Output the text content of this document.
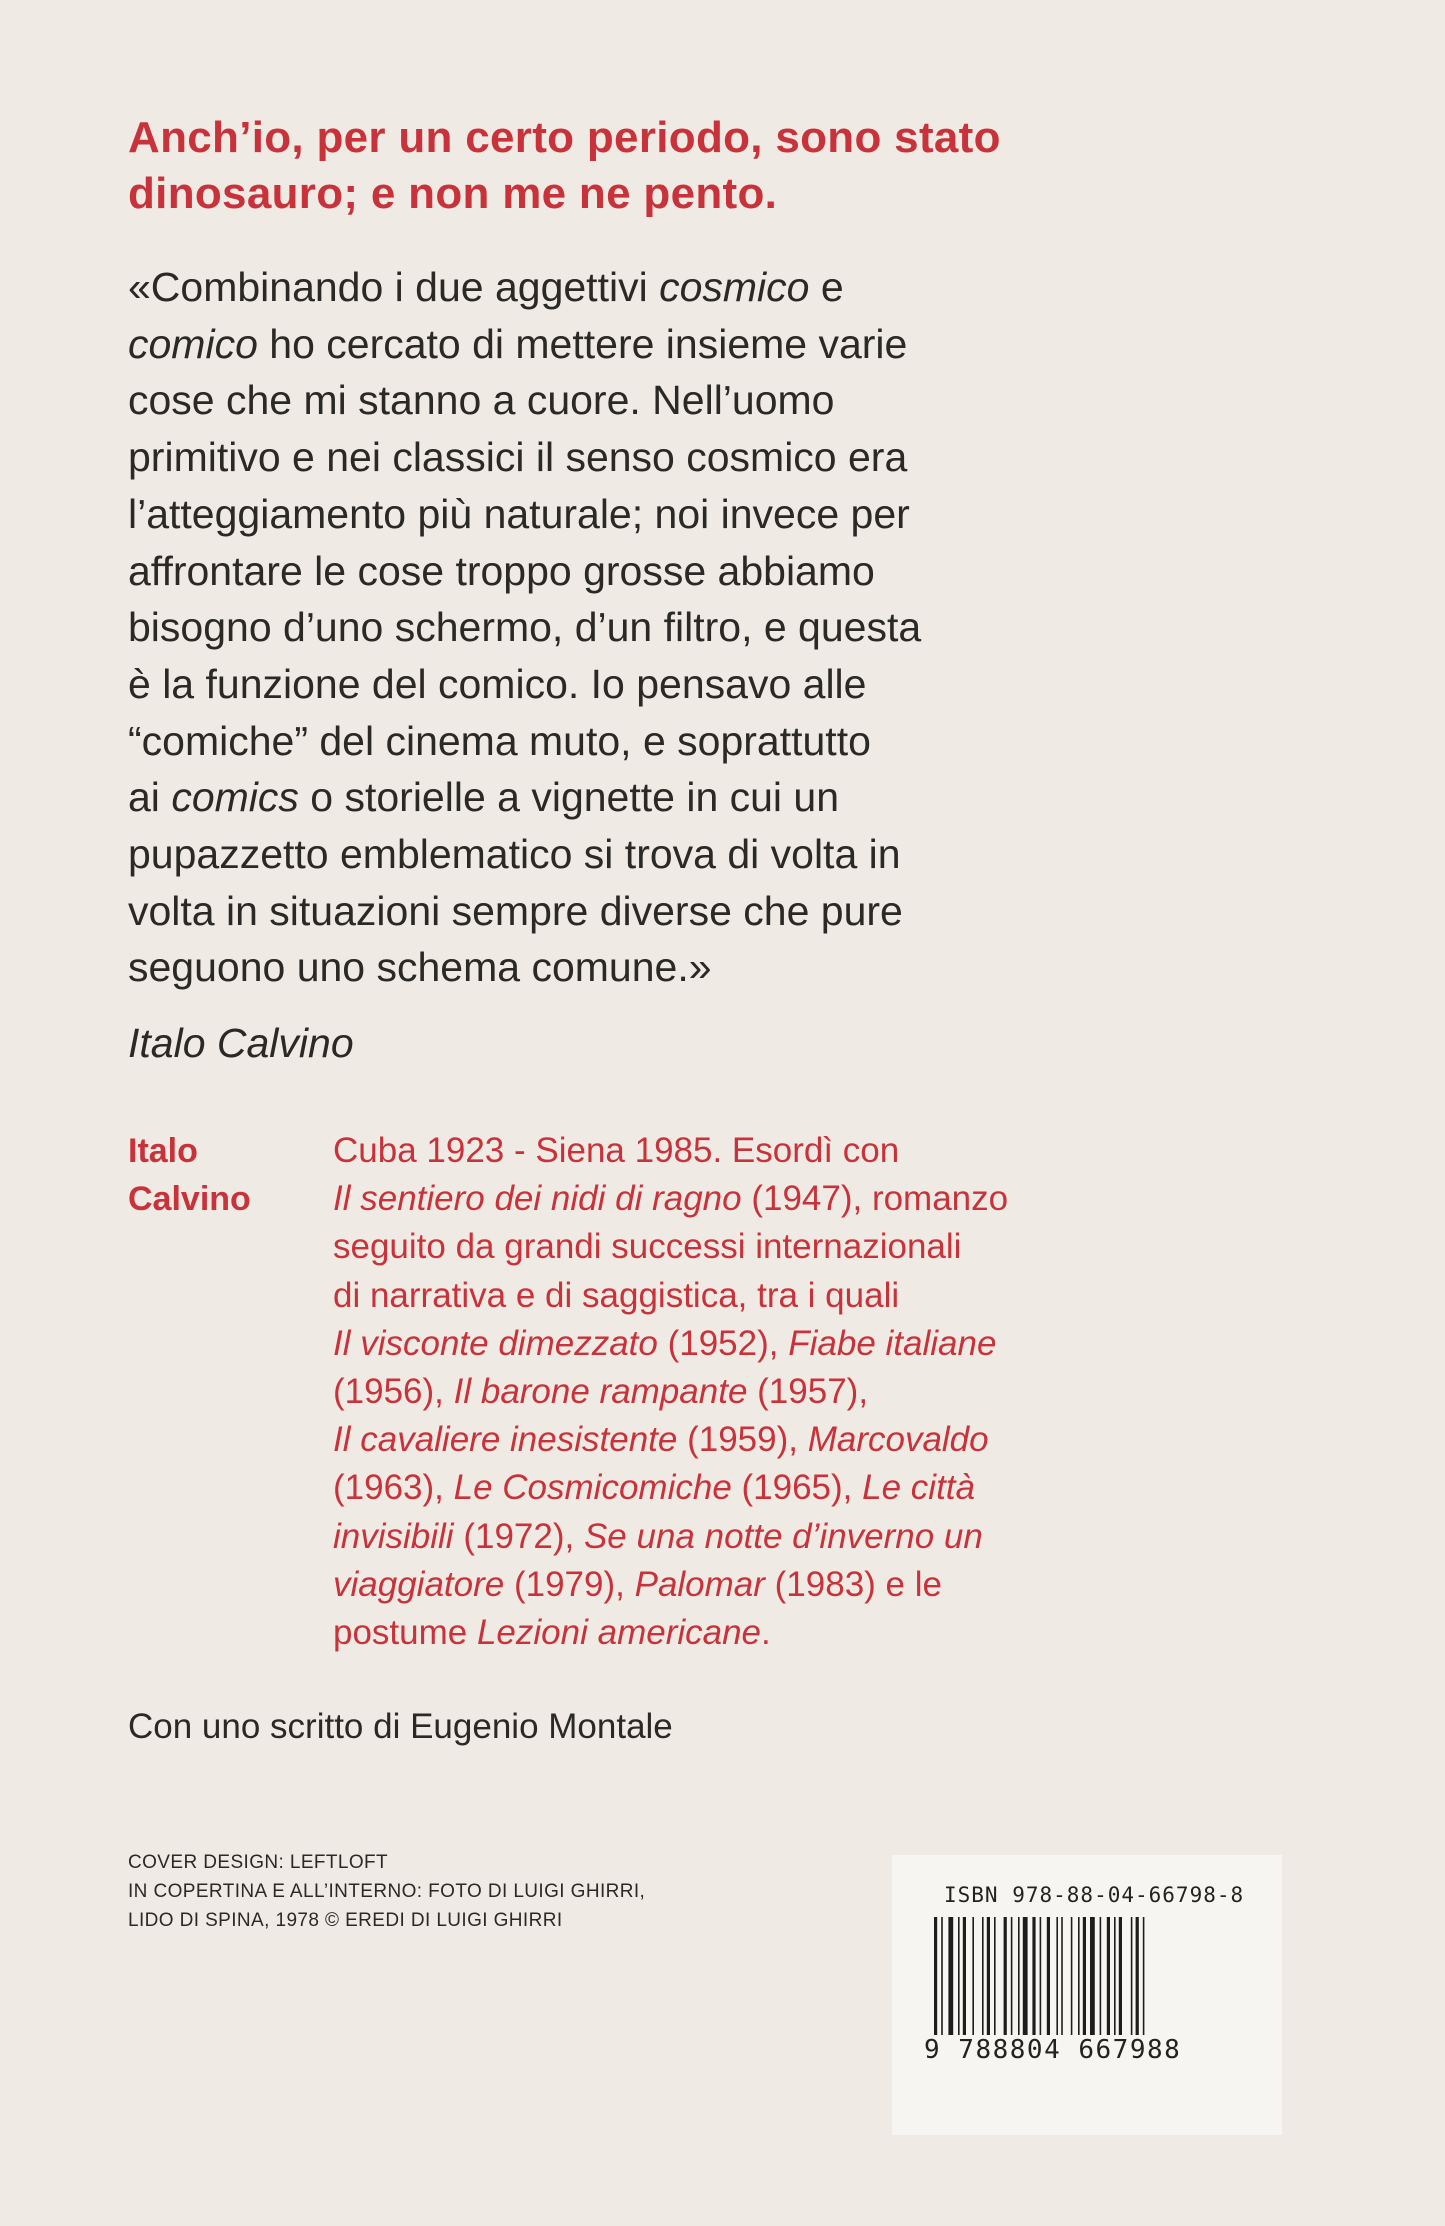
Anch’io, per un certo periodo, sono stato
dinosauro; e non me ne pento.

«Combinando i due aggettivi cosmico e
comico ho cercato di mettere insieme varie
cose che mi stanno a cuore. Nell’uomo
primitivo e nei classici il senso cosmico era
l’atteggiamento più naturale; noi invece per
affrontare le cose troppo grosse abbiamo
bisogno d’uno schermo, d’un filtro, e questa
è la funzione del comico. Io pensavo alle
“comiche” del cinema muto, e soprattutto
ai comics o storielle a vignette in cui un
pupazzetto emblematico si trova di volta in
volta in situazioni sempre diverse che pure
seguono uno schema comune.»

Italo Calvino

Italo
Calvino
Cuba 1923 - Siena 1985. Esordì con
Il sentiero dei nidi di ragno (1947), romanzo
seguito da grandi successi internazionali
di narrativa e di saggistica, tra i quali
Il visconte dimezzato (1952), Fiabe italiane
(1956), Il barone rampante (1957),
Il cavaliere inesistente (1959), Marcovaldo
(1963), Le Cosmicomiche (1965), Le città
invisibili (1972), Se una notte d’inverno un
viaggiatore (1979), Palomar (1983) e le
postume Lezioni americane.
Con uno scritto di Eugenio Montale
COVER DESIGN: LEFTLOFT
IN COPERTINA E ALL’INTERNO: FOTO DI LUIGI GHIRRI,
LIDO DI SPINA, 1978 © EREDI DI LUIGI GHIRRI
ISBN 978-88-04-66798-8
9 788804 667988
